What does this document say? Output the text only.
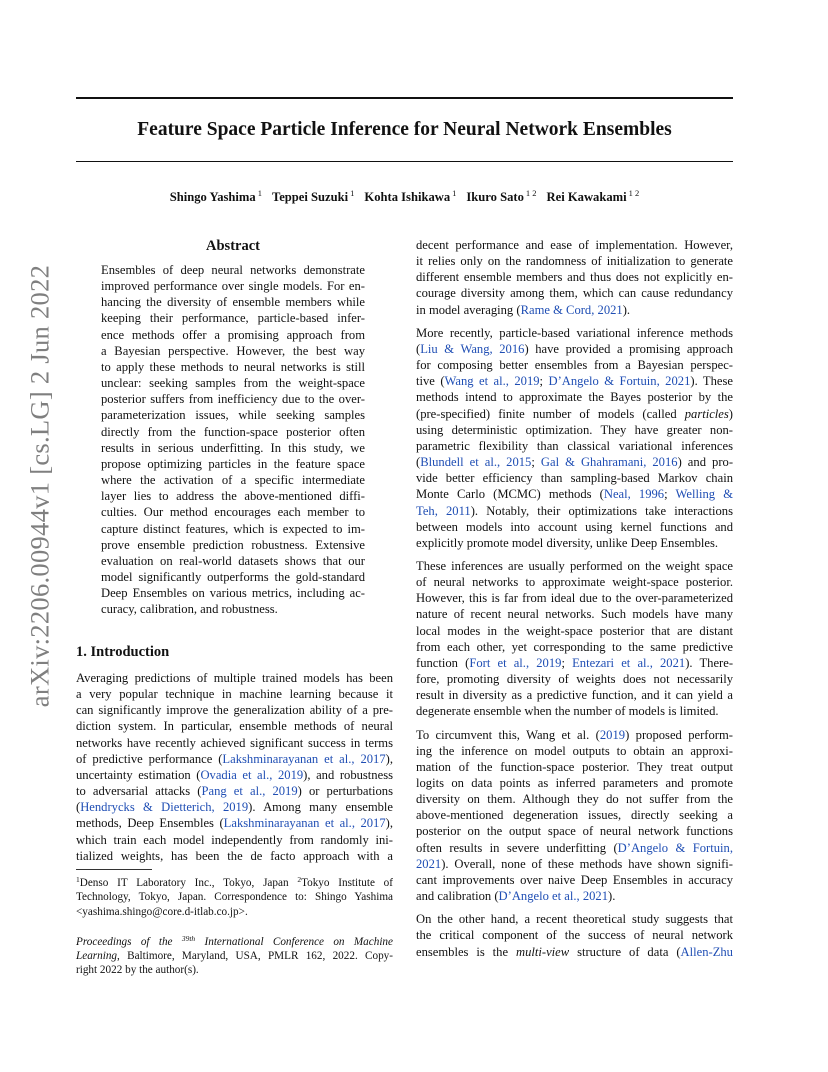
Feature Space Particle Inference for Neural Network Ensembles
Shingo Yashima $^1$ Teppei Suzuki $^1$ Kohta Ishikawa $^1$ Ikuro Sato $^{1 2}$ Rei Kawakami $^{1 2}$
arXiv:2206.00944v1 [cs.LG] 2 Jun 2022
Abstract
Ensembles of deep neural networks demonstrate
improved performance over single models. For en-
hancing the diversity of ensemble members while
keeping their performance, particle-based infer-
ence methods offer a promising approach from
a Bayesian perspective. However, the best way
to apply these methods to neural networks is still
unclear: seeking samples from the weight-space
posterior suffers from inefficiency due to the over-
parameterization issues, while seeking samples
directly from the function-space posterior often
results in serious underfitting. In this study, we
propose optimizing particles in the feature space
where the activation of a specific intermediate
layer lies to address the above-mentioned diffi-
culties. Our method encourages each member to
capture distinct features, which is expected to im-
prove ensemble prediction robustness. Extensive
evaluation on real-world datasets shows that our
model significantly outperforms the gold-standard
Deep Ensembles on various metrics, including ac-
curacy, calibration, and robustness.
1. Introduction
Averaging predictions of multiple trained models has been
a very popular technique in machine learning because it
can significantly improve the generalization ability of a pre-
diction system. In particular, ensemble methods of neural
networks have recently achieved significant success in terms
of predictive performance (Lakshminarayanan et al., 2017),
uncertainty estimation (Ovadia et al., 2019), and robustness
to adversarial attacks (Pang et al., 2019) or perturbations
(Hendrycks & Dietterich, 2019). Among many ensemble
methods, Deep Ensembles (Lakshminarayanan et al., 2017),
which train each model independently from randomly ini-
tialized weights, has been the de facto approach with a
$^1$Denso IT Laboratory Inc., Tokyo, Japan $^2$Tokyo Institute of
Technology, Tokyo, Japan. Correspondence to: Shingo Yashima
<yashima.shingo@core.d-itlab.co.jp>.
Proceedings of the $^{39th}$ International Conference on Machine
Learning, Baltimore, Maryland, USA, PMLR 162, 2022. Copy-
right 2022 by the author(s).
decent performance and ease of implementation. However,
it relies only on the randomness of initialization to generate
different ensemble members and thus does not explicitly en-
courage diversity among them, which can cause redundancy
in model averaging (Rame & Cord, 2021).
More recently, particle-based variational inference methods
(Liu & Wang, 2016) have provided a promising approach
for composing better ensembles from a Bayesian perspec-
tive (Wang et al., 2019; D’Angelo & Fortuin, 2021). These
methods intend to approximate the Bayes posterior by the
(pre-specified) finite number of models (called particles)
using deterministic optimization. They have greater non-
parametric flexibility than classical variational inferences
(Blundell et al., 2015; Gal & Ghahramani, 2016) and pro-
vide better efficiency than sampling-based Markov chain
Monte Carlo (MCMC) methods (Neal, 1996; Welling &
Teh, 2011). Notably, their optimizations take interactions
between models into account using kernel functions and
explicitly promote model diversity, unlike Deep Ensembles.
These inferences are usually performed on the weight space
of neural networks to approximate weight-space posterior.
However, this is far from ideal due to the over-parameterized
nature of recent neural networks. Such models have many
local modes in the weight-space posterior that are distant
from each other, yet corresponding to the same predictive
function (Fort et al., 2019; Entezari et al., 2021). There-
fore, promoting diversity of weights does not necessarily
result in diversity as a predictive function, and it can yield a
degenerate ensemble when the number of models is limited.
To circumvent this, Wang et al. (2019) proposed perform-
ing the inference on model outputs to obtain an approxi-
mation of the function-space posterior. They treat output
logits on data points as inferred parameters and promote
diversity on them. Although they do not suffer from the
above-mentioned degeneration issues, directly seeking a
posterior on the output space of neural network functions
often results in severe underfitting (D’Angelo & Fortuin,
2021). Overall, none of these methods have shown signifi-
cant improvements over naive Deep Ensembles in accuracy
and calibration (D’Angelo et al., 2021).
On the other hand, a recent theoretical study suggests that
the critical component of the success of neural network
ensembles is the multi-view structure of data (Allen-Zhu
